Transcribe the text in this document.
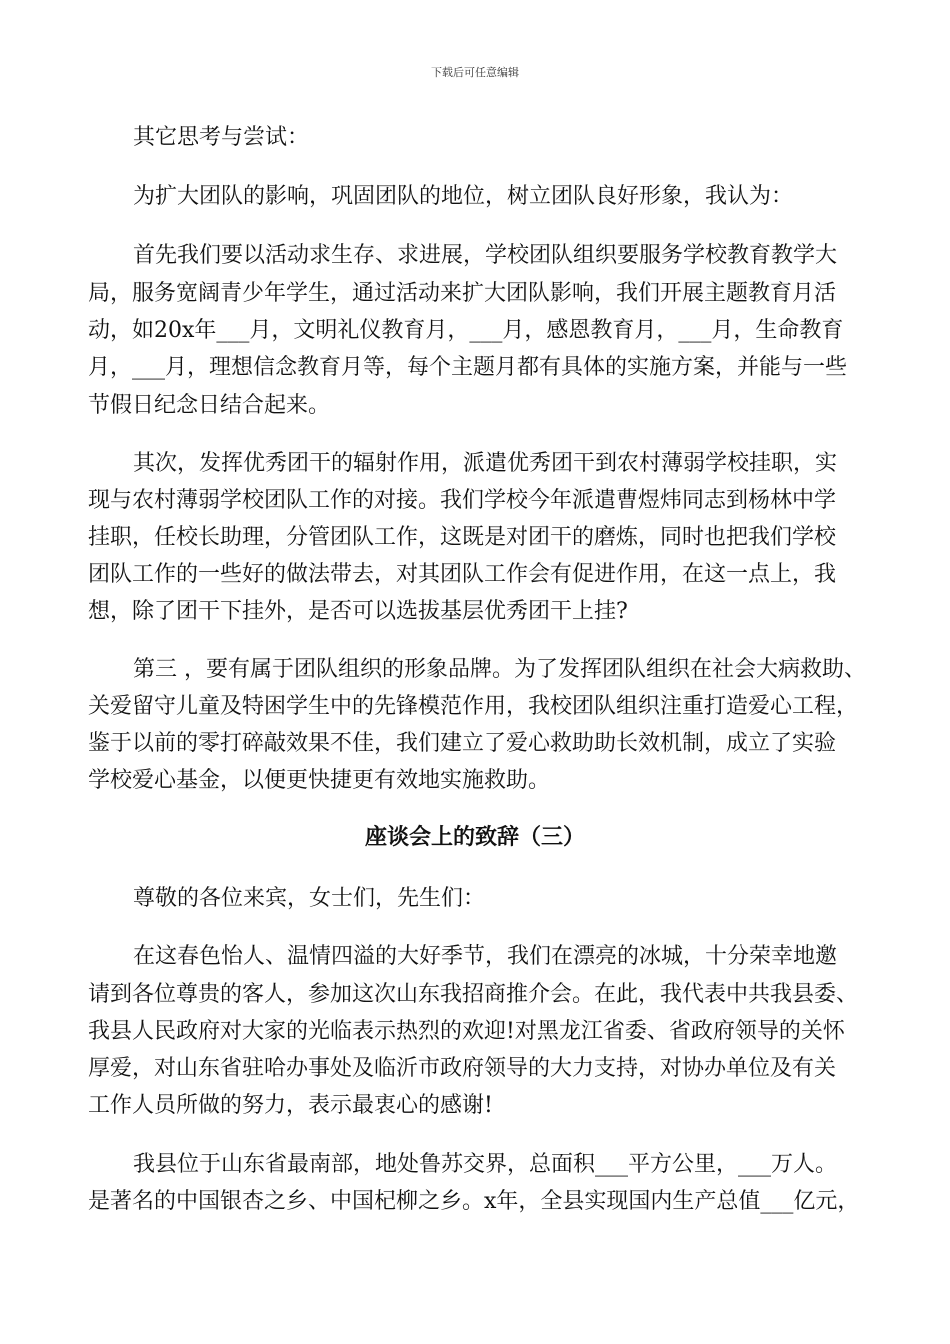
下载后可任意编辑
其它思考与尝试：
为扩大团队的影响，巩固团队的地位，树立团队良好形象，我认为：
首先我们要以活动求生存、求进展，学校团队组织要服务学校教育教学大
局，服务宽阔青少年学生，通过活动来扩大团队影响，我们开展主题教育月活
动，如20x年___月，文明礼仪教育月，___月，感恩教育月，___月，生命教育
月，___月，理想信念教育月等，每个主题月都有具体的实施方案，并能与一些
节假日纪念日结合起来。
其次，发挥优秀团干的辐射作用，派遣优秀团干到农村薄弱学校挂职，实
现与农村薄弱学校团队工作的对接。我们学校今年派遣曹煜炜同志到杨林中学
挂职，任校长助理，分管团队工作，这既是对团干的磨炼，同时也把我们学校
团队工作的一些好的做法带去，对其团队工作会有促进作用，在这一点上，我
想，除了团干下挂外，是否可以选拔基层优秀团干上挂?
第三 ，要有属于团队组织的形象品牌。为了发挥团队组织在社会大病救助、
关爱留守儿童及特困学生中的先锋模范作用，我校团队组织注重打造爱心工程，
鉴于以前的零打碎敲效果不佳，我们建立了爱心救助助长效机制，成立了实验
学校爱心基金，以便更快捷更有效地实施救助。
座谈会上的致辞（三）
尊敬的各位来宾，女士们，先生们：
在这春色怡人、温情四溢的大好季节，我们在漂亮的冰城，十分荣幸地邀
请到各位尊贵的客人，参加这次山东我招商推介会。在此，我代表中共我县委、
我县人民政府对大家的光临表示热烈的欢迎!对黑龙江省委、省政府领导的关怀
厚爱，对山东省驻哈办事处及临沂市政府领导的大力支持，对协办单位及有关
工作人员所做的努力，表示最衷心的感谢!
我县位于山东省最南部，地处鲁苏交界，总面积___平方公里，___万人。
是著名的中国银杏之乡、中国杞柳之乡。x年，全县实现国内生产总值___亿元，
